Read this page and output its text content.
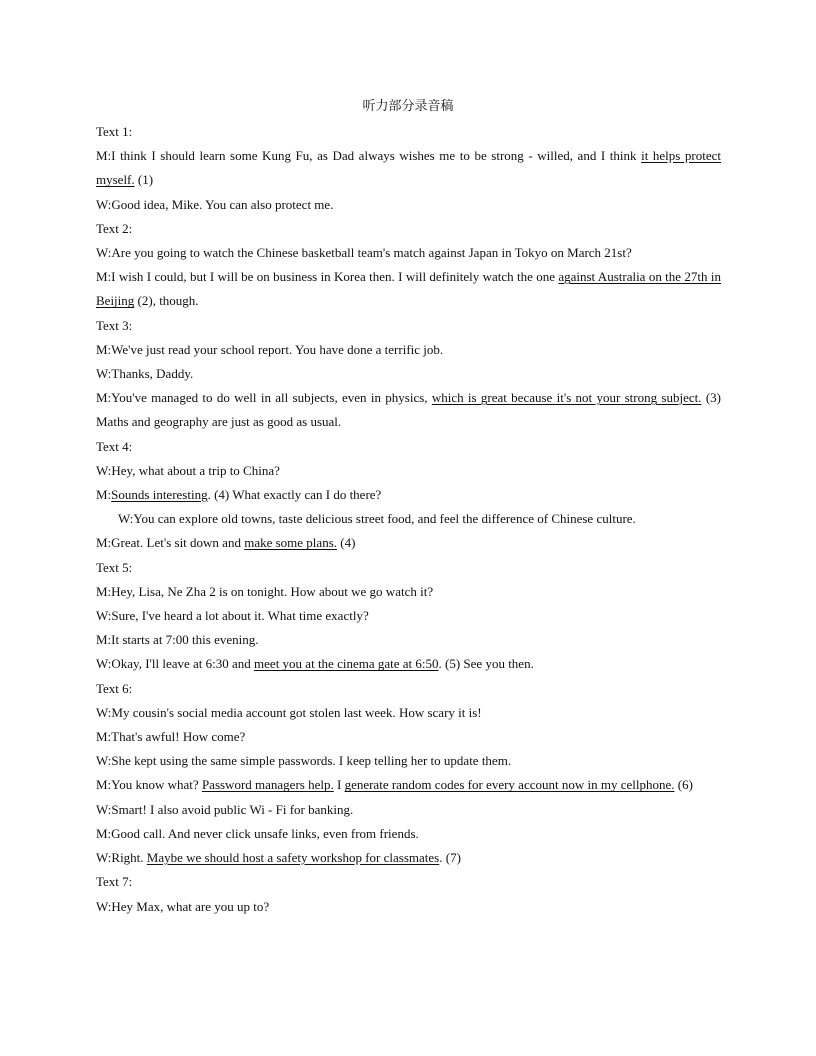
听力部分录音稿

Text 1:

M:I think I should learn some Kung Fu, as Dad always wishes me to be strong - willed, and I think it helps protect myself. (1)

W:Good idea, Mike. You can also protect me.

Text 2:

W:Are you going to watch the Chinese basketball team's match against Japan in Tokyo on March 21st?

M:I wish I could, but I will be on business in Korea then. I will definitely watch the one against Australia on the 27th in Beijing (2), though.

Text 3:

M:We've just read your school report. You have done a terrific job.

W:Thanks, Daddy.

M:You've managed to do well in all subjects, even in physics, which is great because it's not your strong subject. (3) Maths and geography are just as good as usual.

Text 4:

W:Hey, what about a trip to China?

M:Sounds interesting. (4) What exactly can I do there?

W:You can explore old towns, taste delicious street food, and feel the difference of Chinese culture.

M:Great. Let's sit down and make some plans. (4)

Text 5:

M:Hey, Lisa, Ne Zha 2 is on tonight. How about we go watch it?

W:Sure, I've heard a lot about it. What time exactly?

M:It starts at 7:00 this evening.

W:Okay, I'll leave at 6:30 and meet you at the cinema gate at 6:50. (5) See you then.

Text 6:

W:My cousin's social media account got stolen last week. How scary it is!

M:That's awful! How come?

W:She kept using the same simple passwords. I keep telling her to update them.

M:You know what? Password managers help. I generate random codes for every account now in my cellphone. (6)

W:Smart! I also avoid public Wi - Fi for banking.

M:Good call. And never click unsafe links, even from friends.

W:Right. Maybe we should host a safety workshop for classmates. (7)

Text 7:

W:Hey Max, what are you up to?
